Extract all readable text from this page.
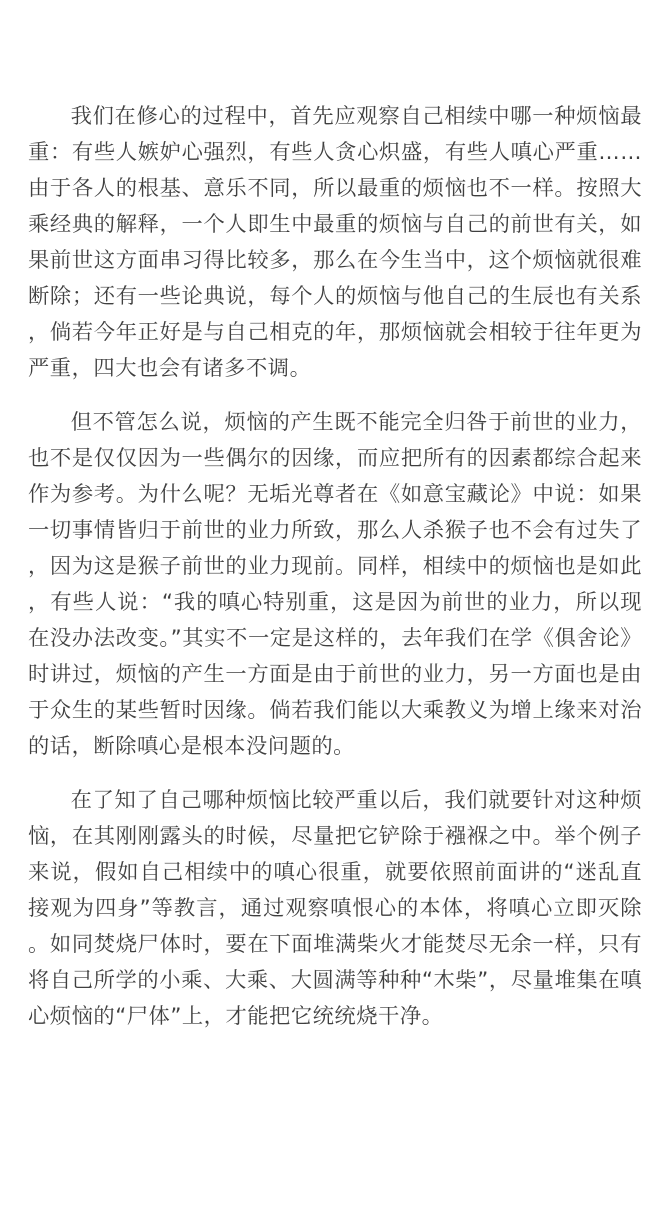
我们在修心的过程中，首先应观察自己相续中哪一种烦恼最重：有些人嫉妒心强烈，有些人贪心炽盛，有些人嗔心严重……由于各人的根基、意乐不同，所以最重的烦恼也不一样。按照大乘经典的解释，一个人即生中最重的烦恼与自己的前世有关，如果前世这方面串习得比较多，那么在今生当中，这个烦恼就很难断除；还有一些论典说，每个人的烦恼与他自己的生辰也有关系，倘若今年正好是与自己相克的年，那烦恼就会相较于往年更为严重，四大也会有诸多不调。

但不管怎么说，烦恼的产生既不能完全归咎于前世的业力，也不是仅仅因为一些偶尔的因缘，而应把所有的因素都综合起来作为参考。为什么呢？无垢光尊者在《如意宝藏论》中说：如果一切事情皆归于前世的业力所致，那么人杀猴子也不会有过失了，因为这是猴子前世的业力现前。同样，相续中的烦恼也是如此，有些人说：“我的嗔心特别重，这是因为前世的业力，所以现在没办法改变。”其实不一定是这样的，去年我们在学《俱舍论》时讲过，烦恼的产生一方面是由于前世的业力，另一方面也是由于众生的某些暂时因缘。倘若我们能以大乘教义为增上缘来对治的话，断除嗔心是根本没问题的。

在了知了自己哪种烦恼比较严重以后，我们就要针对这种烦恼，在其刚刚露头的时候，尽量把它铲除于襁褓之中。举个例子来说，假如自己相续中的嗔心很重，就要依照前面讲的“迷乱直接观为四身”等教言，通过观察嗔恨心的本体，将嗔心立即灭除。如同焚烧尸体时，要在下面堆满柴火才能焚尽无余一样，只有将自己所学的小乘、大乘、大圆满等种种“木柴”，尽量堆集在嗔心烦恼的“尸体”上，才能把它统统烧干净。
